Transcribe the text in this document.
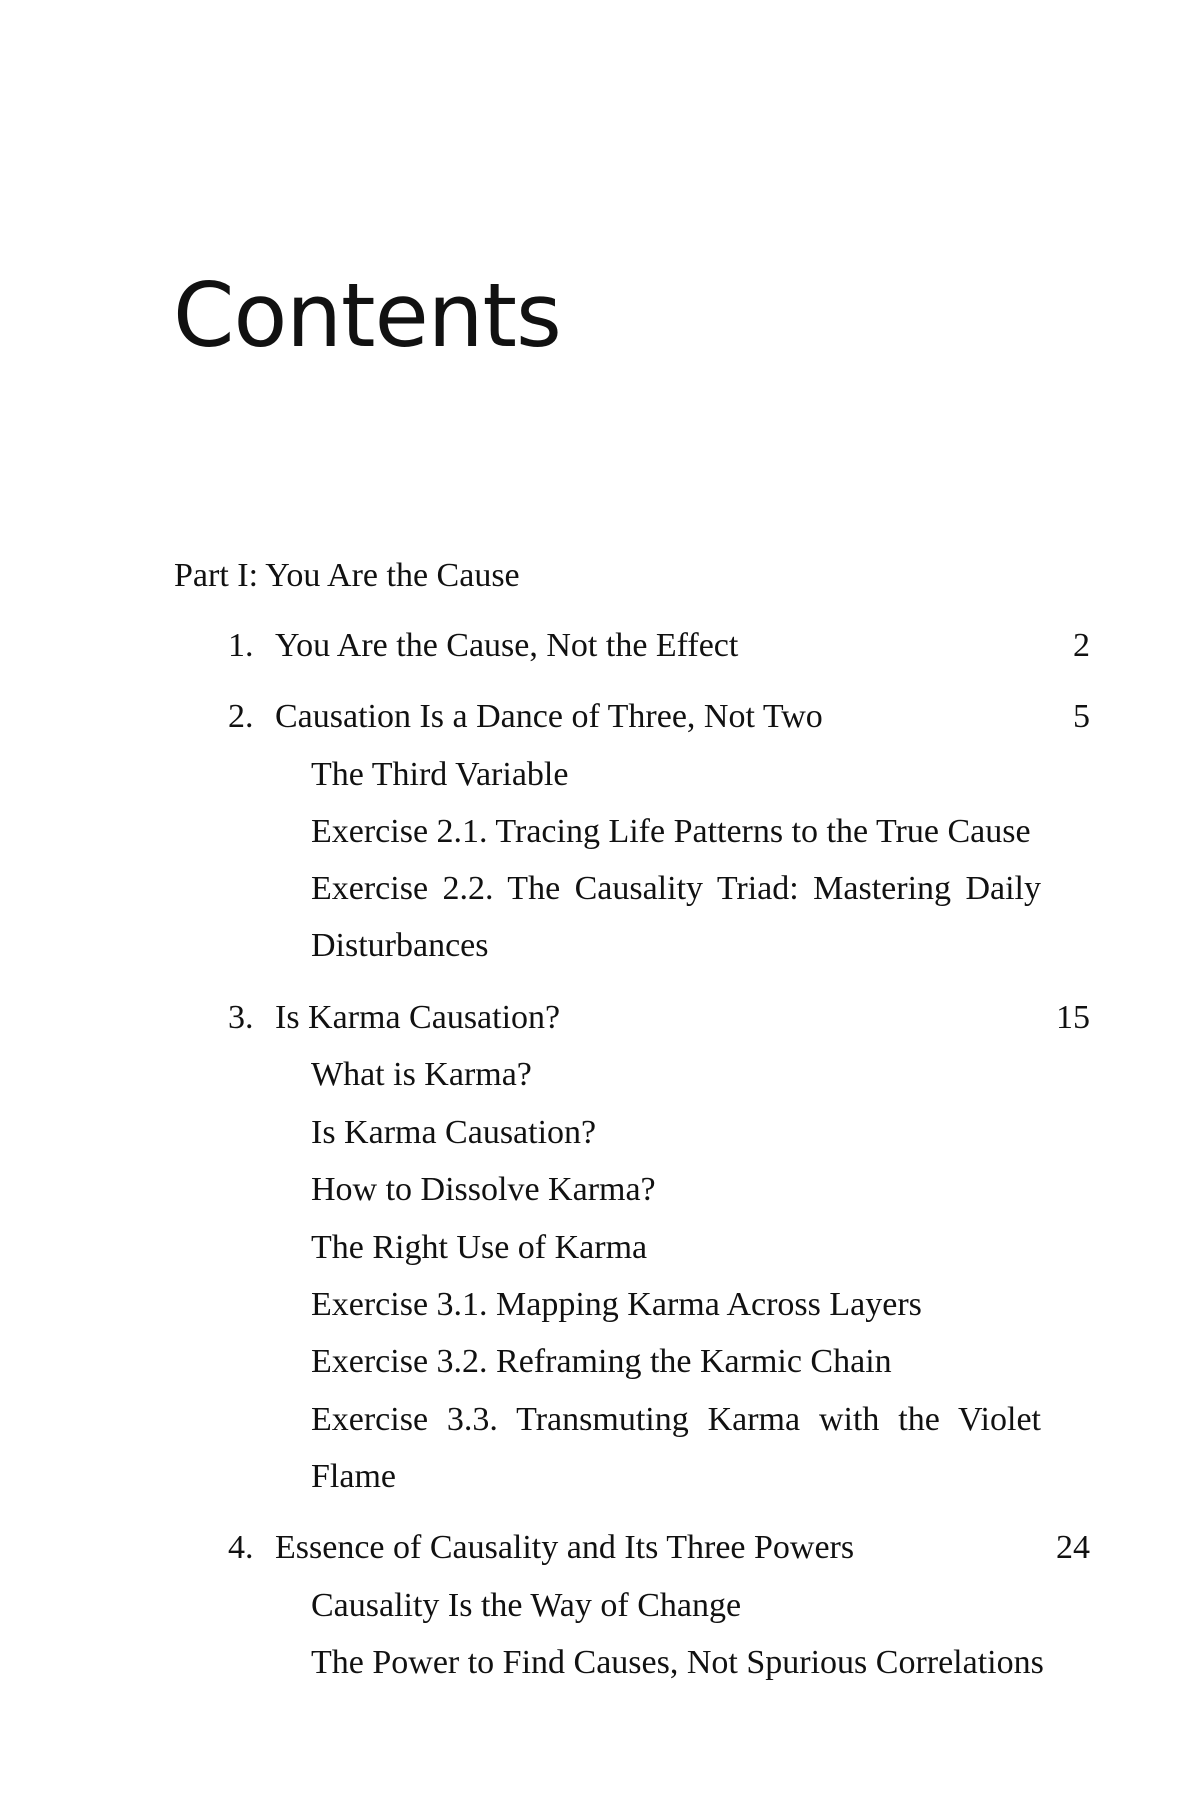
Contents
Part I: You Are the Cause
1. You Are the Cause, Not the Effect	2
2. Causation Is a Dance of Three, Not Two	5
The Third Variable
Exercise 2.1. Tracing Life Patterns to the True Cause
Exercise 2.2. The Causality Triad: Mastering Daily
Disturbances
3. Is Karma Causation?	15
What is Karma?
Is Karma Causation?
How to Dissolve Karma?
The Right Use of Karma
Exercise 3.1. Mapping Karma Across Layers
Exercise 3.2. Reframing the Karmic Chain
Exercise 3.3. Transmuting Karma with the Violet
Flame
4. Essence of Causality and Its Three Powers	24
Causality Is the Way of Change
The Power to Find Causes, Not Spurious Correlations
